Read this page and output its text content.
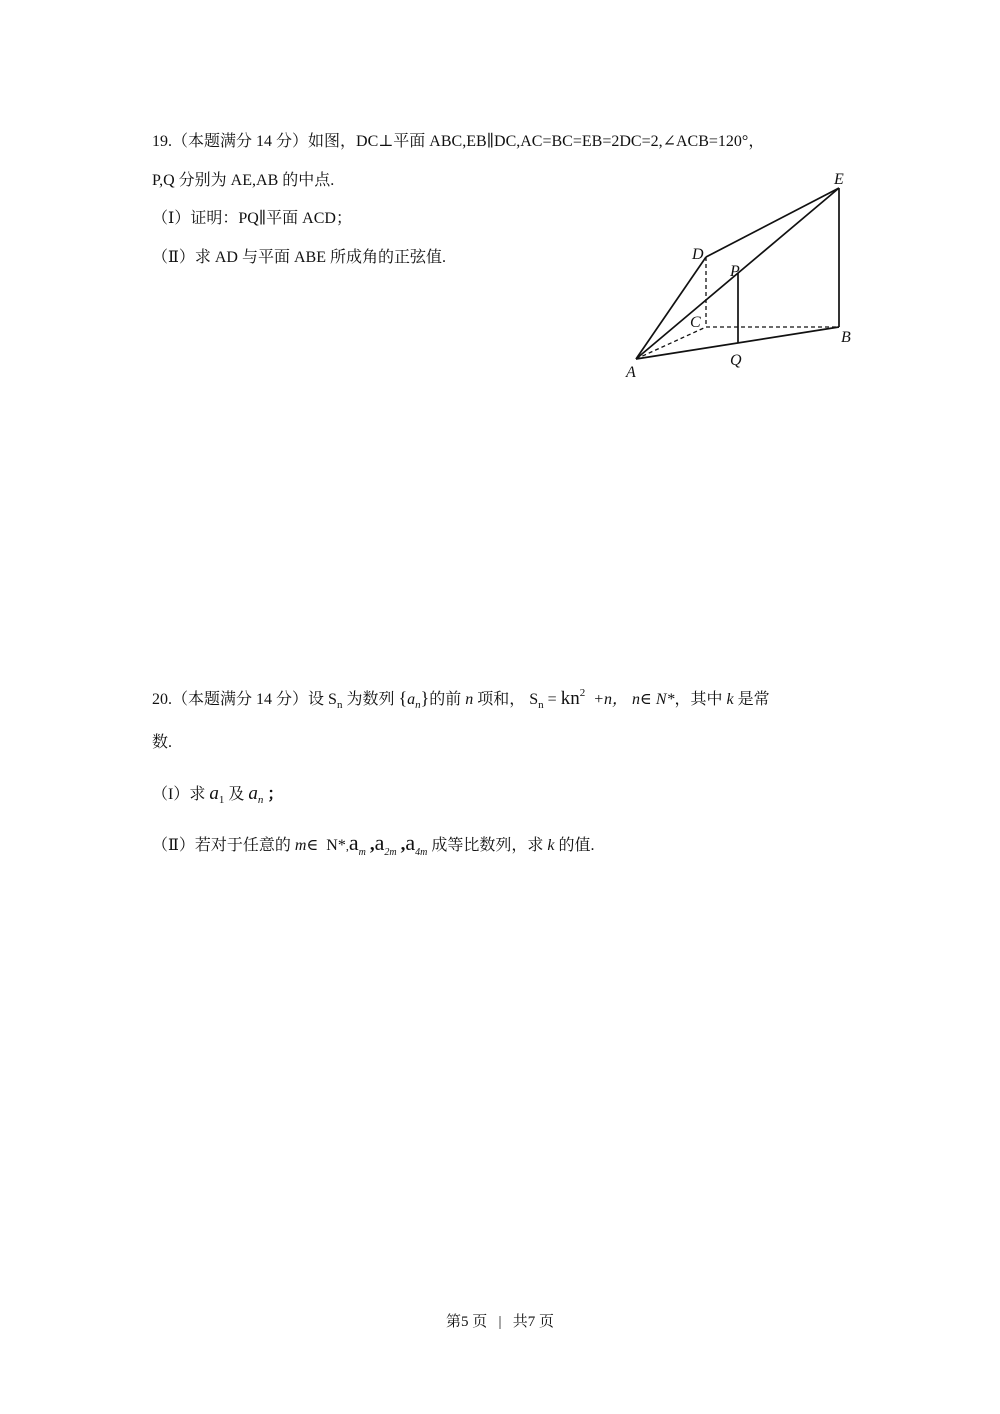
19.（本题满分 14 分）如图，DC⊥平面 ABC,EB∥DC,AC=BC=EB=2DC=2,∠ACB=120°，
P,Q 分别为 AE,AB 的中点.
（Ⅰ）证明：PQ∥平面 ACD；
（Ⅱ）求 AD 与平面 ABE 所成角的正弦值.
A
B
C
D
E
P
Q
20.（本题满分 14 分）设 $S_n$ 为数列 $\{a_n\}$的前 n 项和， $S_n = kn^2 +n$， n∈ N*，其中 k 是常
数.
（I）求 $a_1$ 及 $a_n$ ；
（Ⅱ）若对于任意的 m∈ $N*,a_m$ $,a_{2m}$ $,a_{4m}$ 成等比数列，求 k 的值.
第5 页 | 共7 页
